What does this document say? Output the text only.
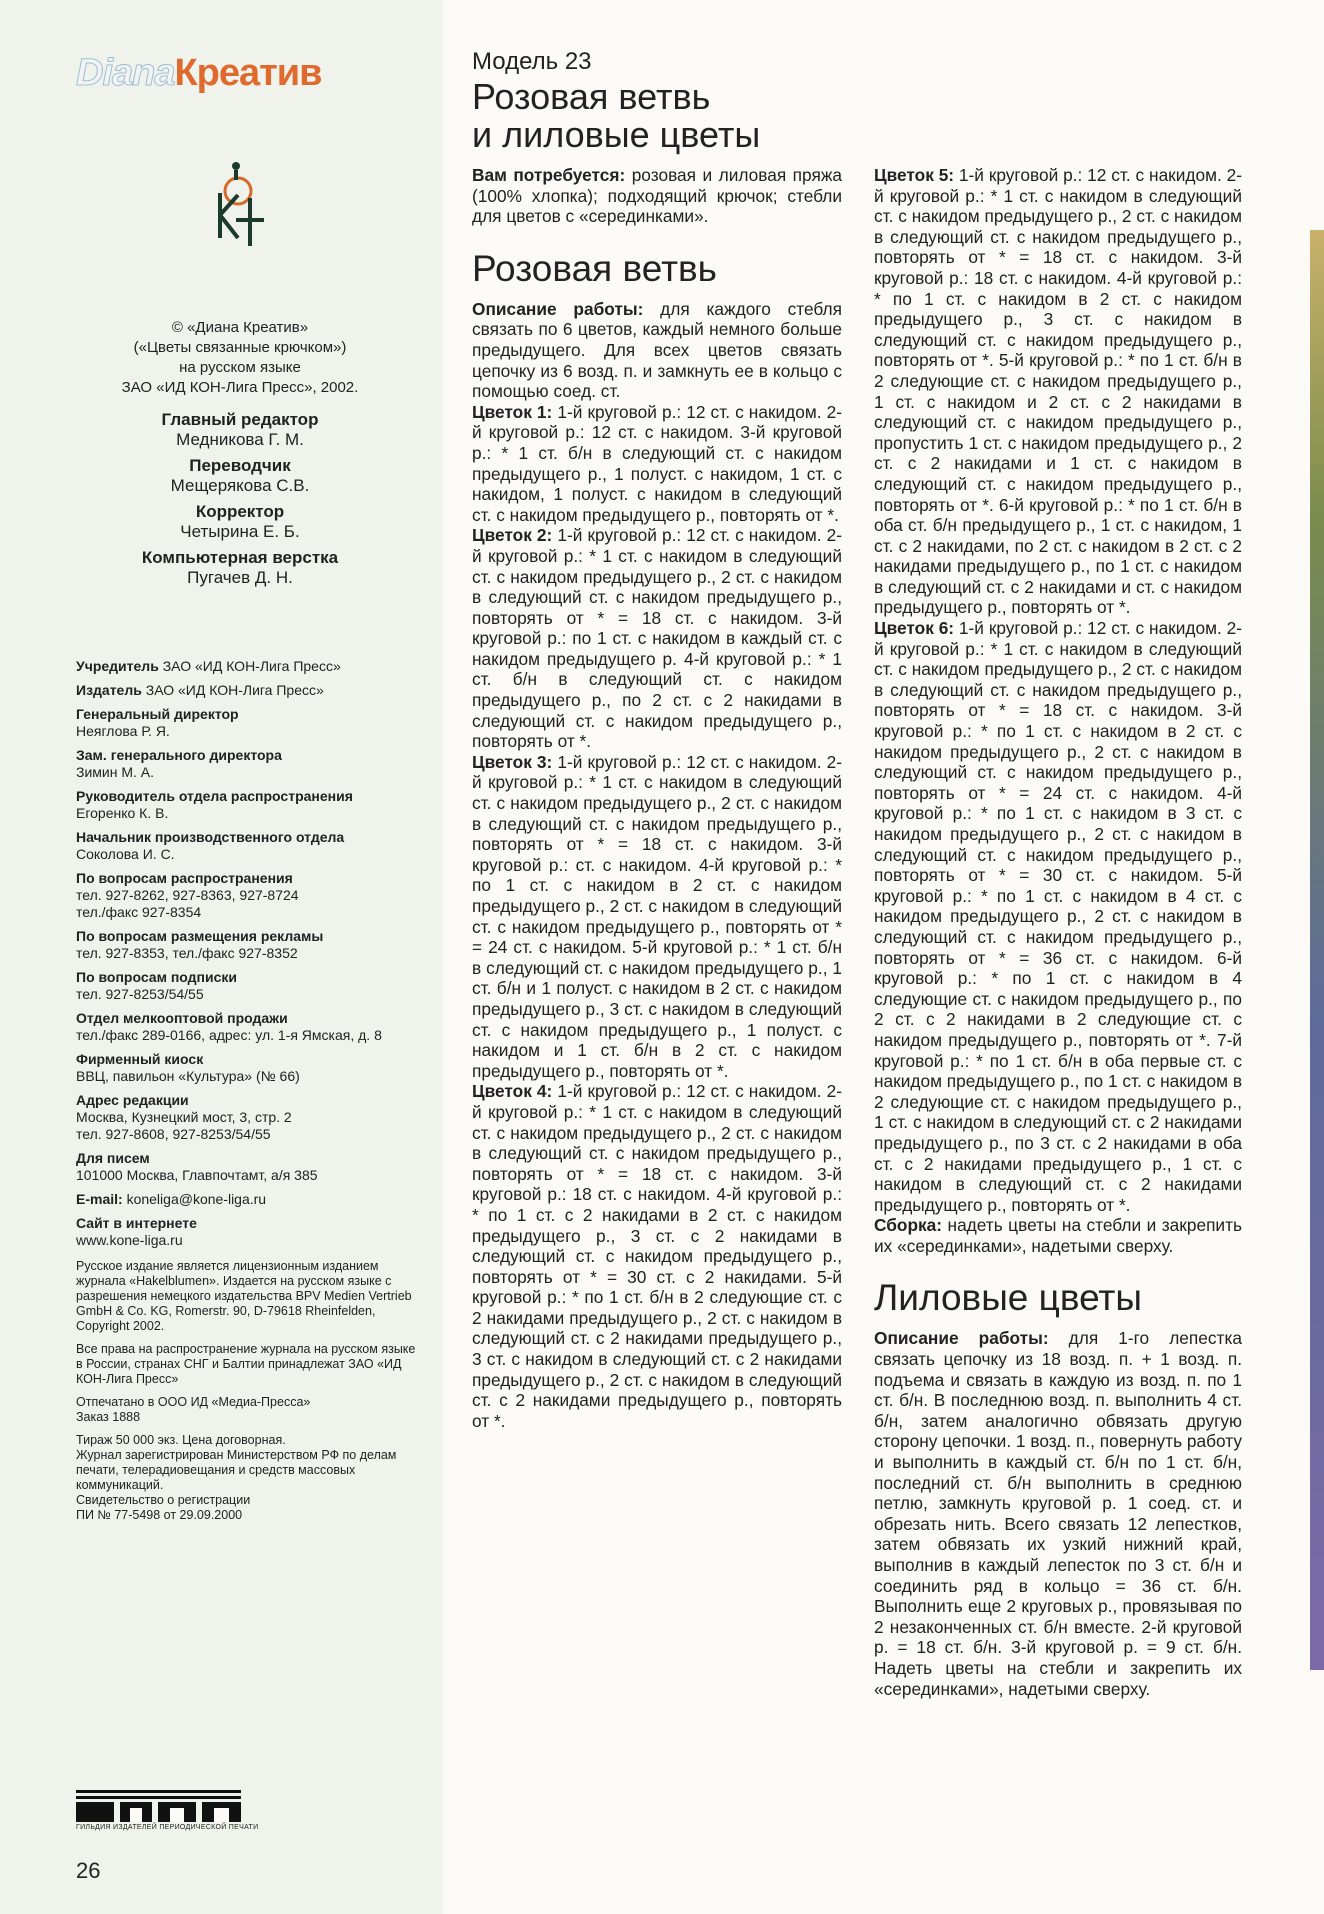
DianaКреатив
© «Диана Креатив»
(«Цветы связанные крючком»)
на русском языке
ЗАО «ИД КОН-Лига Пресс», 2002.
Главный редактор
Медникова Г. М.
Переводчик
Мещерякова С.В.
Корректор
Четырина Е. Б.
Компьютерная верстка
Пугачев Д. Н.
Учредитель ЗАО «ИД КОН-Лига Пресс»
Издатель ЗАО «ИД КОН-Лига Пресс»
Генеральный директор
Неяглова Р. Я.
Зам. генерального директора
Зимин М. А.
Руководитель отдела распространения
Егоренко К. В.
Начальник производственного отдела
Соколова И. С.
По вопросам распространения
тел. 927-8262, 927-8363, 927-8724
тел./факс 927-8354
По вопросам размещения рекламы
тел. 927-8353, тел./факс 927-8352
По вопросам подписки
тел. 927-8253/54/55
Отдел мелкооптовой продажи
тел./факс 289-0166, адрес: ул. 1-я Ямская, д. 8
Фирменный киоск
ВВЦ, павильон «Культура» (№ 66)
Адрес редакции
Москва, Кузнецкий мост, 3, стр. 2
тел. 927-8608, 927-8253/54/55
Для писем
101000 Москва, Главпочтамт, а/я 385
E-mail: koneliga@kone-liga.ru
Сайт в интернете
www.kone-liga.ru
Русское издание является лицензионным изданием журнала «Hakelblumen». Издается на русском языке с разрешения немецкого издательства BPV Medien Vertrieb GmbH & Co. KG, Romerstr. 90, D-79618 Rheinfelden, Copyright 2002.
Все права на распространение журнала на русском языке в России, странах СНГ и Балтии принадлежат ЗАО «ИД КОН-Лига Пресс»
Отпечатано в ООО ИД «Медиа-Пресса»
Заказ 1888
Тираж 50 000 экз. Цена договорная.
Журнал зарегистрирован Министерством РФ по делам печати, телерадиовещания и средств массовых коммуникаций.
Свидетельство о регистрации
ПИ № 77-5498 от 29.09.2000
ГИЛЬДИЯ ИЗДАТЕЛЕЙ ПЕРИОДИЧЕСКОЙ ПЕЧАТИ
26
Модель 23
Розовая ветвь
и лиловые цветы

Вам потребуется: розовая и лиловая пряжа (100% хлопка); подходящий крючок; стебли для цветов с «серединками».

Розовая ветвь

Описание работы: для каждого стебля связать по 6 цветов, каждый немного больше предыдущего. Для всех цветов связать цепочку из 6 возд. п. и замкнуть ее в кольцо с помощью соед. ст.

Цветок 1: 1-й круговой р.: 12 ст. с накидом. 2-й круговой р.: 12 ст. с накидом. 3-й круговой р.: * 1 ст. б/н в следующий ст. с накидом предыдущего р., 1 полуст. с накидом, 1 ст. с накидом, 1 полуст. с накидом в следующий ст. с накидом предыдущего р., повторять от *.

Цветок 2: 1-й круговой р.: 12 ст. с накидом. 2-й круговой р.: * 1 ст. с накидом в следующий ст. с накидом предыдущего р., 2 ст. с накидом в следующий ст. с накидом предыдущего р., повторять от * = 18 ст. с накидом. 3-й круговой р.: по 1 ст. с накидом в каждый ст. с накидом предыдущего р. 4-й круговой р.: * 1 ст. б/н в следующий ст. с накидом предыдущего р., по 2 ст. с 2 накидами в следующий ст. с накидом предыдущего р., повторять от *.

Цветок 3: 1-й круговой р.: 12 ст. с накидом. 2-й круговой р.: * 1 ст. с накидом в следующий ст. с накидом предыдущего р., 2 ст. с накидом в следующий ст. с накидом предыдущего р., повторять от * = 18 ст. с накидом. 3-й круговой р.: ст. с накидом. 4-й круговой р.: * по 1 ст. с накидом в 2 ст. с накидом предыдущего р., 2 ст. с накидом в следующий ст. с накидом предыдущего р., повторять от * = 24 ст. с накидом. 5-й круговой р.: * 1 ст. б/н в следующий ст. с накидом предыдущего р., 1 ст. б/н и 1 полуст. с накидом в 2 ст. с накидом предыдущего р., 3 ст. с накидом в следующий ст. с накидом предыдущего р., 1 полуст. с накидом и 1 ст. б/н в 2 ст. с накидом предыдущего р., повторять от *.

Цветок 4: 1-й круговой р.: 12 ст. с накидом. 2-й круговой р.: * 1 ст. с накидом в следующий ст. с накидом предыдущего р., 2 ст. с накидом в следующий ст. с накидом предыдущего р., повторять от * = 18 ст. с накидом. 3-й круговой р.: 18 ст. с накидом. 4-й круговой р.: * по 1 ст. с 2 накидами в 2 ст. с накидом предыдущего р., 3 ст. с 2 накидами в следующий ст. с накидом предыдущего р., повторять от * = 30 ст. с 2 накидами. 5-й круговой р.: * по 1 ст. б/н в 2 следующие ст. с 2 накидами предыдущего р., 2 ст. с накидом в следующий ст. с 2 накидами предыдущего р., 3 ст. с накидом в следующий ст. с 2 накидами предыдущего р., 2 ст. с накидом в следующий ст. с 2 накидами предыдущего р., повторять от *.

Цветок 5: 1-й круговой р.: 12 ст. с накидом. 2-й круговой р.: * 1 ст. с накидом в следующий ст. с накидом предыдущего р., 2 ст. с накидом в следующий ст. с накидом предыдущего р., повторять от * = 18 ст. с накидом. 3-й круговой р.: 18 ст. с накидом. 4-й круговой р.: * по 1 ст. с накидом в 2 ст. с накидом предыдущего р., 3 ст. с накидом в следующий ст. с накидом предыдущего р., повторять от *. 5-й круговой р.: * по 1 ст. б/н в 2 следующие ст. с накидом предыдущего р., 1 ст. с накидом и 2 ст. с 2 накидами в следующий ст. с накидом предыдущего р., пропустить 1 ст. с накидом предыдущего р., 2 ст. с 2 накидами и 1 ст. с накидом в следующий ст. с накидом предыдущего р., повторять от *. 6-й круговой р.: * по 1 ст. б/н в оба ст. б/н предыдущего р., 1 ст. с накидом, 1 ст. с 2 накидами, по 2 ст. с накидом в 2 ст. с 2 накидами предыдущего р., по 1 ст. с накидом в следующий ст. с 2 накидами и ст. с накидом предыдущего р., повторять от *.

Цветок 6: 1-й круговой р.: 12 ст. с накидом. 2-й круговой р.: * 1 ст. с накидом в следующий ст. с накидом предыдущего р., 2 ст. с накидом в следующий ст. с накидом предыдущего р., повторять от * = 18 ст. с накидом. 3-й круговой р.: * по 1 ст. с накидом в 2 ст. с накидом предыдущего р., 2 ст. с накидом в следующий ст. с накидом предыдущего р., повторять от * = 24 ст. с накидом. 4-й круговой р.: * по 1 ст. с накидом в 3 ст. с накидом предыдущего р., 2 ст. с накидом в следующий ст. с накидом предыдущего р., повторять от * = 30 ст. с накидом. 5-й круговой р.: * по 1 ст. с накидом в 4 ст. с накидом предыдущего р., 2 ст. с накидом в следующий ст. с накидом предыдущего р., повторять от * = 36 ст. с накидом. 6-й круговой р.: * по 1 ст. с накидом в 4 следующие ст. с накидом предыдущего р., по 2 ст. с 2 накидами в 2 следующие ст. с накидом предыдущего р., повторять от *. 7-й круговой р.: * по 1 ст. б/н в оба первые ст. с накидом предыдущего р., по 1 ст. с накидом в 2 следующие ст. с накидом предыдущего р., 1 ст. с накидом в следующий ст. с 2 накидами предыдущего р., по 3 ст. с 2 накидами в оба ст. с 2 накидами предыдущего р., 1 ст. с накидом в следующий ст. с 2 накидами предыдущего р., повторять от *.

Сборка: надеть цветы на стебли и закрепить их «серединками», надетыми сверху.

Лиловые цветы

Описание работы: для 1-го лепестка связать цепочку из 18 возд. п. + 1 возд. п. подъема и связать в каждую из возд. п. по 1 ст. б/н. В последнюю возд. п. выполнить 4 ст. б/н, затем аналогично обвязать другую сторону цепочки. 1 возд. п., повернуть работу и выполнить в каждый ст. б/н по 1 ст. б/н, последний ст. б/н выполнить в среднюю петлю, замкнуть круговой р. 1 соед. ст. и обрезать нить. Всего связать 12 лепестков, затем обвязать их узкий нижний край, выполнив в каждый лепесток по 3 ст. б/н и соединить ряд в кольцо = 36 ст. б/н. Выполнить еще 2 круговых р., провязывая по 2 незаконченных ст. б/н вместе. 2-й круговой р. = 18 ст. б/н. 3-й круговой р. = 9 ст. б/н. Надеть цветы на стебли и закрепить их «серединками», надетыми сверху.
